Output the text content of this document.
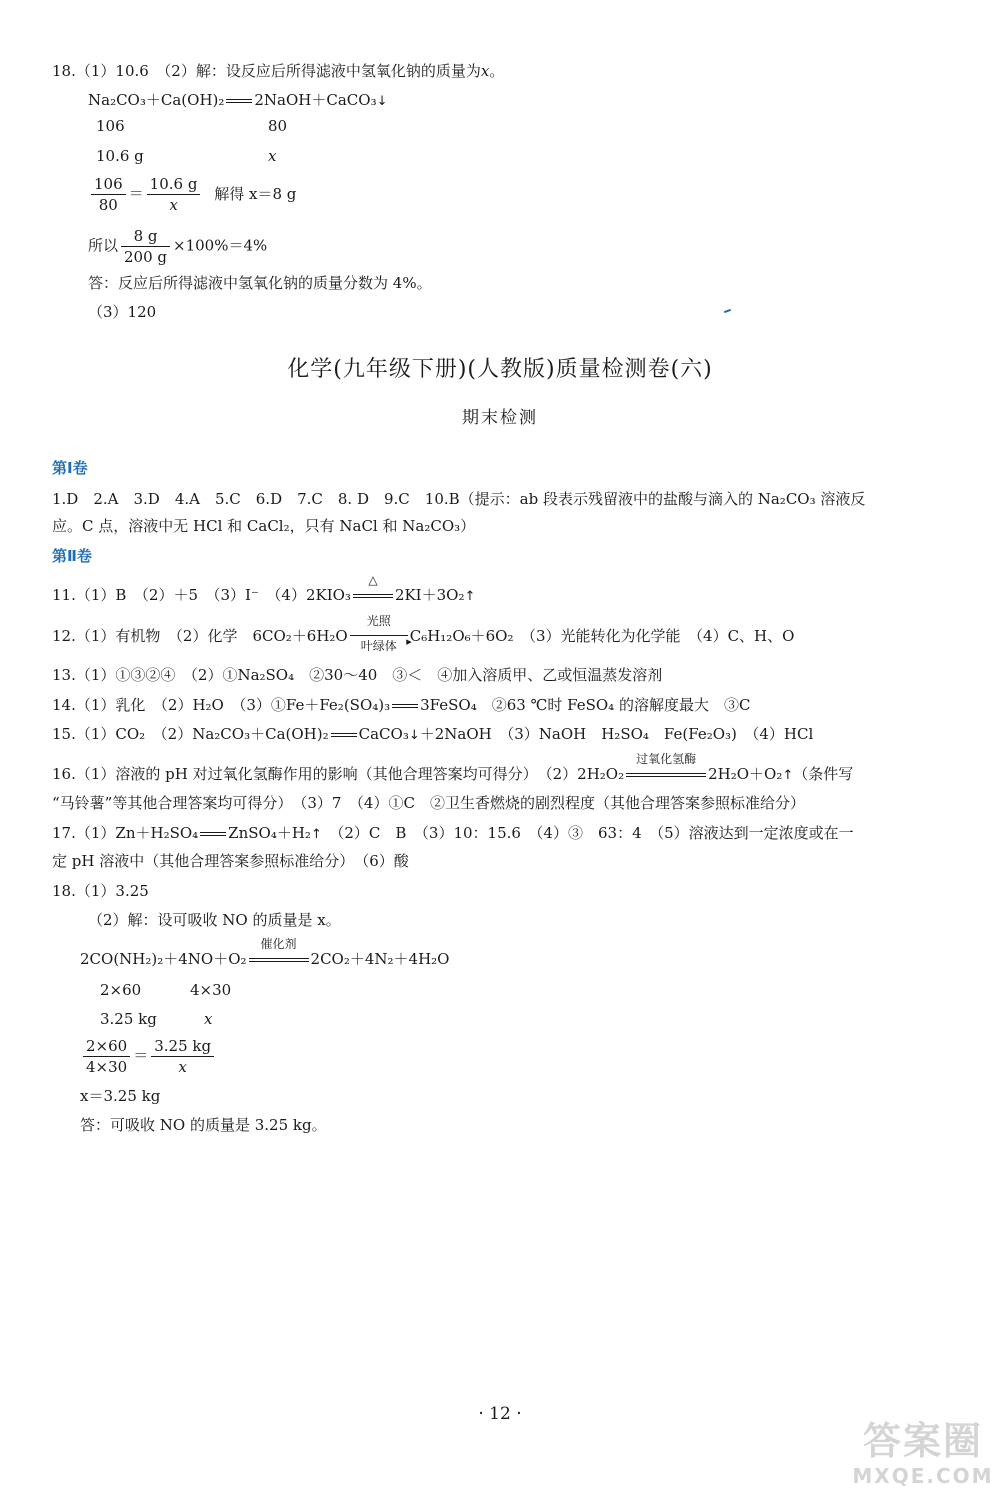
18.（1）10.6　（2）解：设反应后所得滤液中氢氧化钠的质量为x。
Na₂CO₃＋Ca(OH)₂ 2NaOH＋CaCO₃↓
106	80
10.6 g	x
$\frac{106}{80} = \frac{10.6 g}{x}$ 解得 x＝8 g
所以 $\frac{8 g}{200 g} \times 100\%=4\%$
答：反应后所得滤液中氢氧化钠的质量分数为 4%。
（3）120
化学(九年级下册)(人教版)质量检测卷(六)
期末检测
第Ⅰ卷
1.D　2.A　3.D　4.A　5.C　6.D　7.C　8. D　9.C　10.B（提示：ab 段表示残留液中的盐酸与滴入的 Na₂CO₃ 溶液反
应。C 点，溶液中无 HCl 和 CaCl₂，只有 NaCl 和 Na₂CO₃）
第Ⅱ卷
11.（1）B　（2）＋5　（3）I⁻　（4）2KIO₃
△
2KI＋3O₂↑
12.（1）有机物　（2）化学　6CO₂＋6H₂O
光照
▸
叶绿体
C₆H₁₂O₆＋6O₂　（3）光能转化为化学能　（4）C、H、O
13.（1）①③②④　（2）①Na₂SO₄　②30～40　③＜　④加入溶质甲、乙或恒温蒸发溶剂
14.（1）乳化　（2）H₂O　（3）①Fe＋Fe₂(SO₄)₃ 3FeSO₄　②63 ℃时 FeSO₄ 的溶解度最大　③C
15.（1）CO₂　（2）Na₂CO₃＋Ca(OH)₂ CaCO₃↓＋2NaOH　（3）NaOH　H₂SO₄　Fe(Fe₂O₃)　（4）HCl
16.（1）溶液的 pH 对过氧化氢酶作用的影响（其他合理答案均可得分）　（2）2H₂O₂
过氧化氢酶
2H₂O＋O₂↑（条件写
“马铃薯”等其他合理答案均可得分）　（3）7　（4）①C　②卫生香燃烧的剧烈程度（其他合理答案参照标准给分）
17.（1）Zn＋H₂SO₄ ZnSO₄＋H₂↑　 （2）C　B　（3）10：15.6　（4）③　63：4　（5）溶液达到一定浓度或在一
定 pH 溶液中（其他合理答案参照标准给分）　（6）酸
18.（1）3.25
（2）解：设可吸收 NO 的质量是 x。
2CO(NH₂)₂＋4NO＋O₂
催化剂
2CO₂＋4N₂＋4H₂O
2×60	4×30
3.25 kg	x
$\frac{2\times 60}{4\times 30} = \frac{3.25 kg}{x}$
x＝3.25 kg
答：可吸收 NO 的质量是 3.25 kg。
· 12 ·
答案圈
MXQE.COM
